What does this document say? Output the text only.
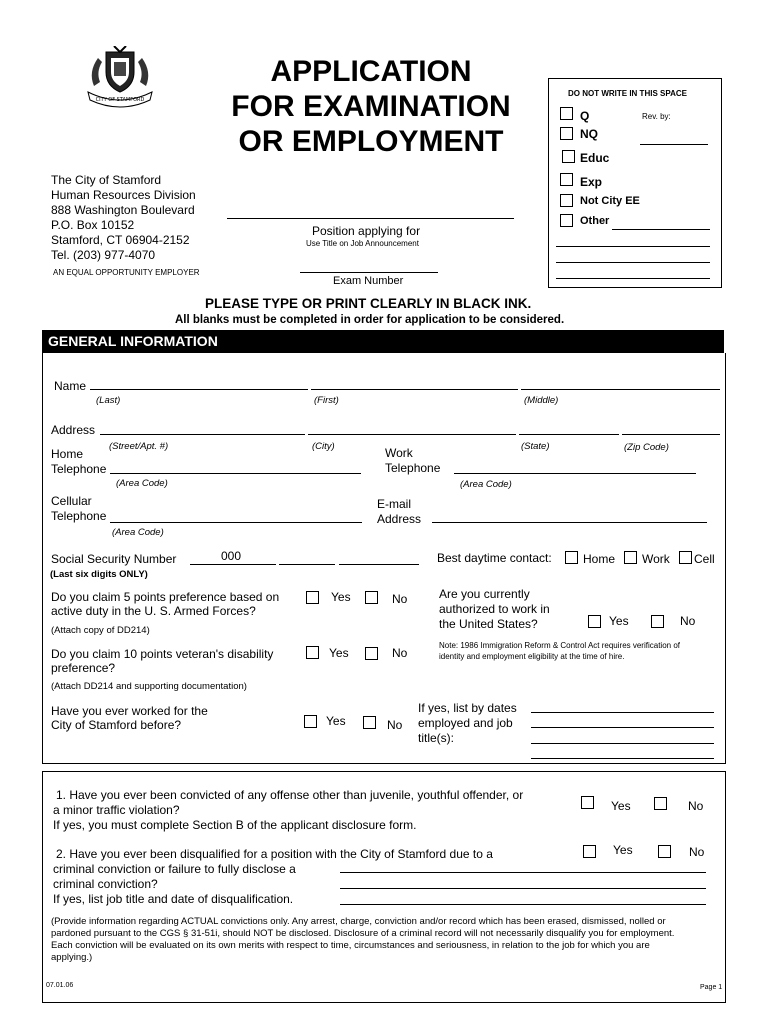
CITY OF STAMFORD
APPLICATION
FOR EXAMINATION
OR EMPLOYMENT
DO NOT WRITE IN THIS SPACE
Q	Rev. by:
NQ
Educ
Exp
Not City EE
Other
The City of Stamford
Human Resources Division
888 Washington Boulevard
P.O. Box 10152
Stamford, CT 06904-2152
Tel. (203) 977-4070
AN EQUAL OPPORTUNITY EMPLOYER
Position applying for
Use Title on Job Announcement
Exam Number
PLEASE TYPE OR PRINT CLEARLY IN BLACK INK.
All blanks must be completed in order for application to be considered.
GENERAL INFORMATION
Name
(Last)	(First)	(Middle)
Address
(Street/Apt. #)	(City)	(State)	(Zip Code)
Home
Telephone
(Area Code)
Work
Telephone
(Area Code)
Cellular
Telephone
(Area Code)
E-mail
Address
Social Security Number	000
(Last six digits ONLY)
Best daytime contact:	Home Work Cell
Do you claim 5 points preference based on
active duty in the U. S. Armed Forces?
(Attach copy of DD214)
Yes	No	Are you currently
authorized to work in
the United States?	Yes	No
Note: 1986 Immigration Reform & Control Act requires verification of
identity and employment eligibility at the time of hire.
Do you claim 10 points veteran's disability
preference?
(Attach DD214 and supporting documentation)
Yes	No
Have you ever worked for the
City of Stamford before?	Yes	No
If yes, list by dates
employed and job
title(s):
1. Have you ever been convicted of any offense other than juvenile, youthful offender, or
a minor traffic violation?
If yes, you must complete Section B of the applicant disclosure form.
Yes	No
2. Have you ever been disqualified for a position with the City of Stamford due to a
criminal conviction or failure to fully disclose a
criminal conviction?
If yes, list job title and date of disqualification.
Yes	No
(Provide information regarding ACTUAL convictions only. Any arrest, charge, conviction and/or record which has been erased, dismissed, nolled or
pardoned pursuant to the CGS § 31-51i, should NOT be disclosed. Disclosure of a criminal record will not necessarily disqualify you for employment.
Each conviction will be evaluated on its own merits with respect to time, circumstances and seriousness, in relation to the job for which you are
applying.)
07.01.06	Page 1
